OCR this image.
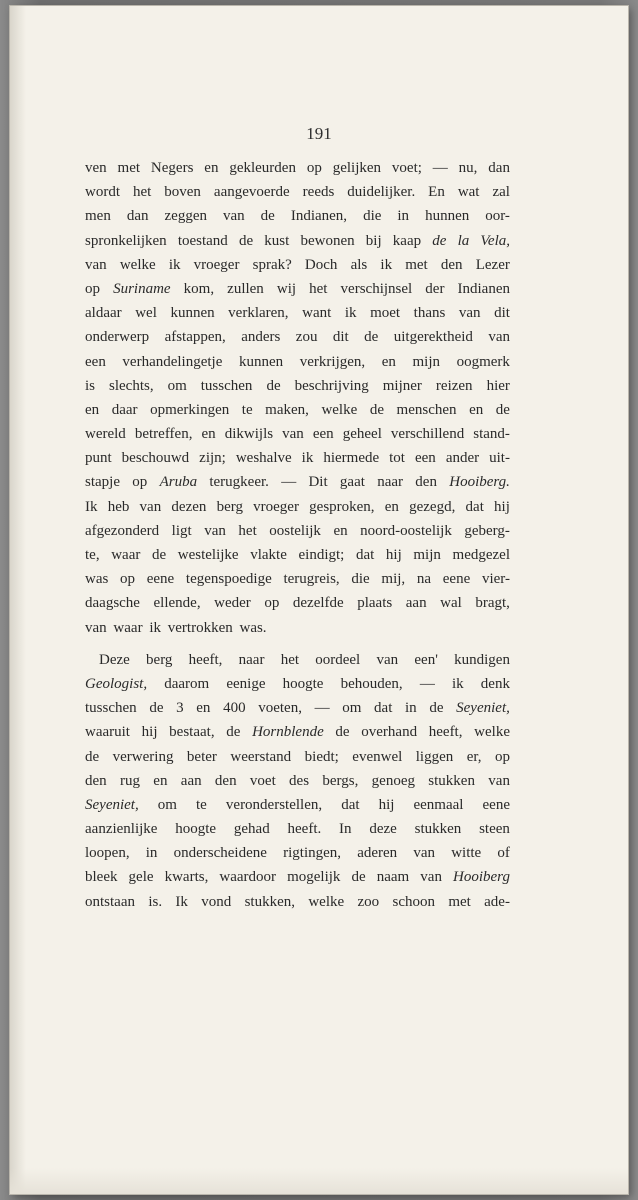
191
ven met Negers en gekleurden op gelijken voet; — nu, dan
wordt het boven aangevoerde reeds duidelijker. En wat zal
men dan zeggen van de Indianen, die in hunnen oor-
spronkelijken toestand de kust bewonen bij kaap de la Vela,
van welke ik vroeger sprak? Doch als ik met den Lezer
op Suriname kom, zullen wij het verschijnsel der Indianen
aldaar wel kunnen verklaren, want ik moet thans van dit
onderwerp afstappen, anders zou dit de uitgerektheid van
een verhandelingetje kunnen verkrijgen, en mijn oogmerk
is slechts, om tusschen de beschrijving mijner reizen hier
en daar opmerkingen te maken, welke de menschen en de
wereld betreffen, en dikwijls van een geheel verschillend stand-
punt beschouwd zijn; weshalve ik hiermede tot een ander uit-
stapje op Aruba terugkeer. — Dit gaat naar den Hooiberg.
Ik heb van dezen berg vroeger gesproken, en gezegd, dat hij
afgezonderd ligt van het oostelijk en noord-oostelijk geberg-
te, waar de westelijke vlakte eindigt; dat hij mijn medgezel
was op eene tegenspoedige terugreis, die mij, na eene vier-
daagsche ellende, weder op dezelfde plaats aan wal bragt,
van waar ik vertrokken was.
Deze berg heeft, naar het oordeel van een' kundigen
Geologist, daarom eenige hoogte behouden, — ik denk
tusschen de 3 en 400 voeten, — om dat in de Seyeniet,
waaruit hij bestaat, de Hornblende de overhand heeft, welke
de verwering beter weerstand biedt; evenwel liggen er, op
den rug en aan den voet des bergs, genoeg stukken van
Seyeniet, om te veronderstellen, dat hij eenmaal eene
aanzienlijke hoogte gehad heeft. In deze stukken steen
loopen, in onderscheidene rigtingen, aderen van witte of
bleek gele kwarts, waardoor mogelijk de naam van Hooiberg
ontstaan is. Ik vond stukken, welke zoo schoon met ade-
